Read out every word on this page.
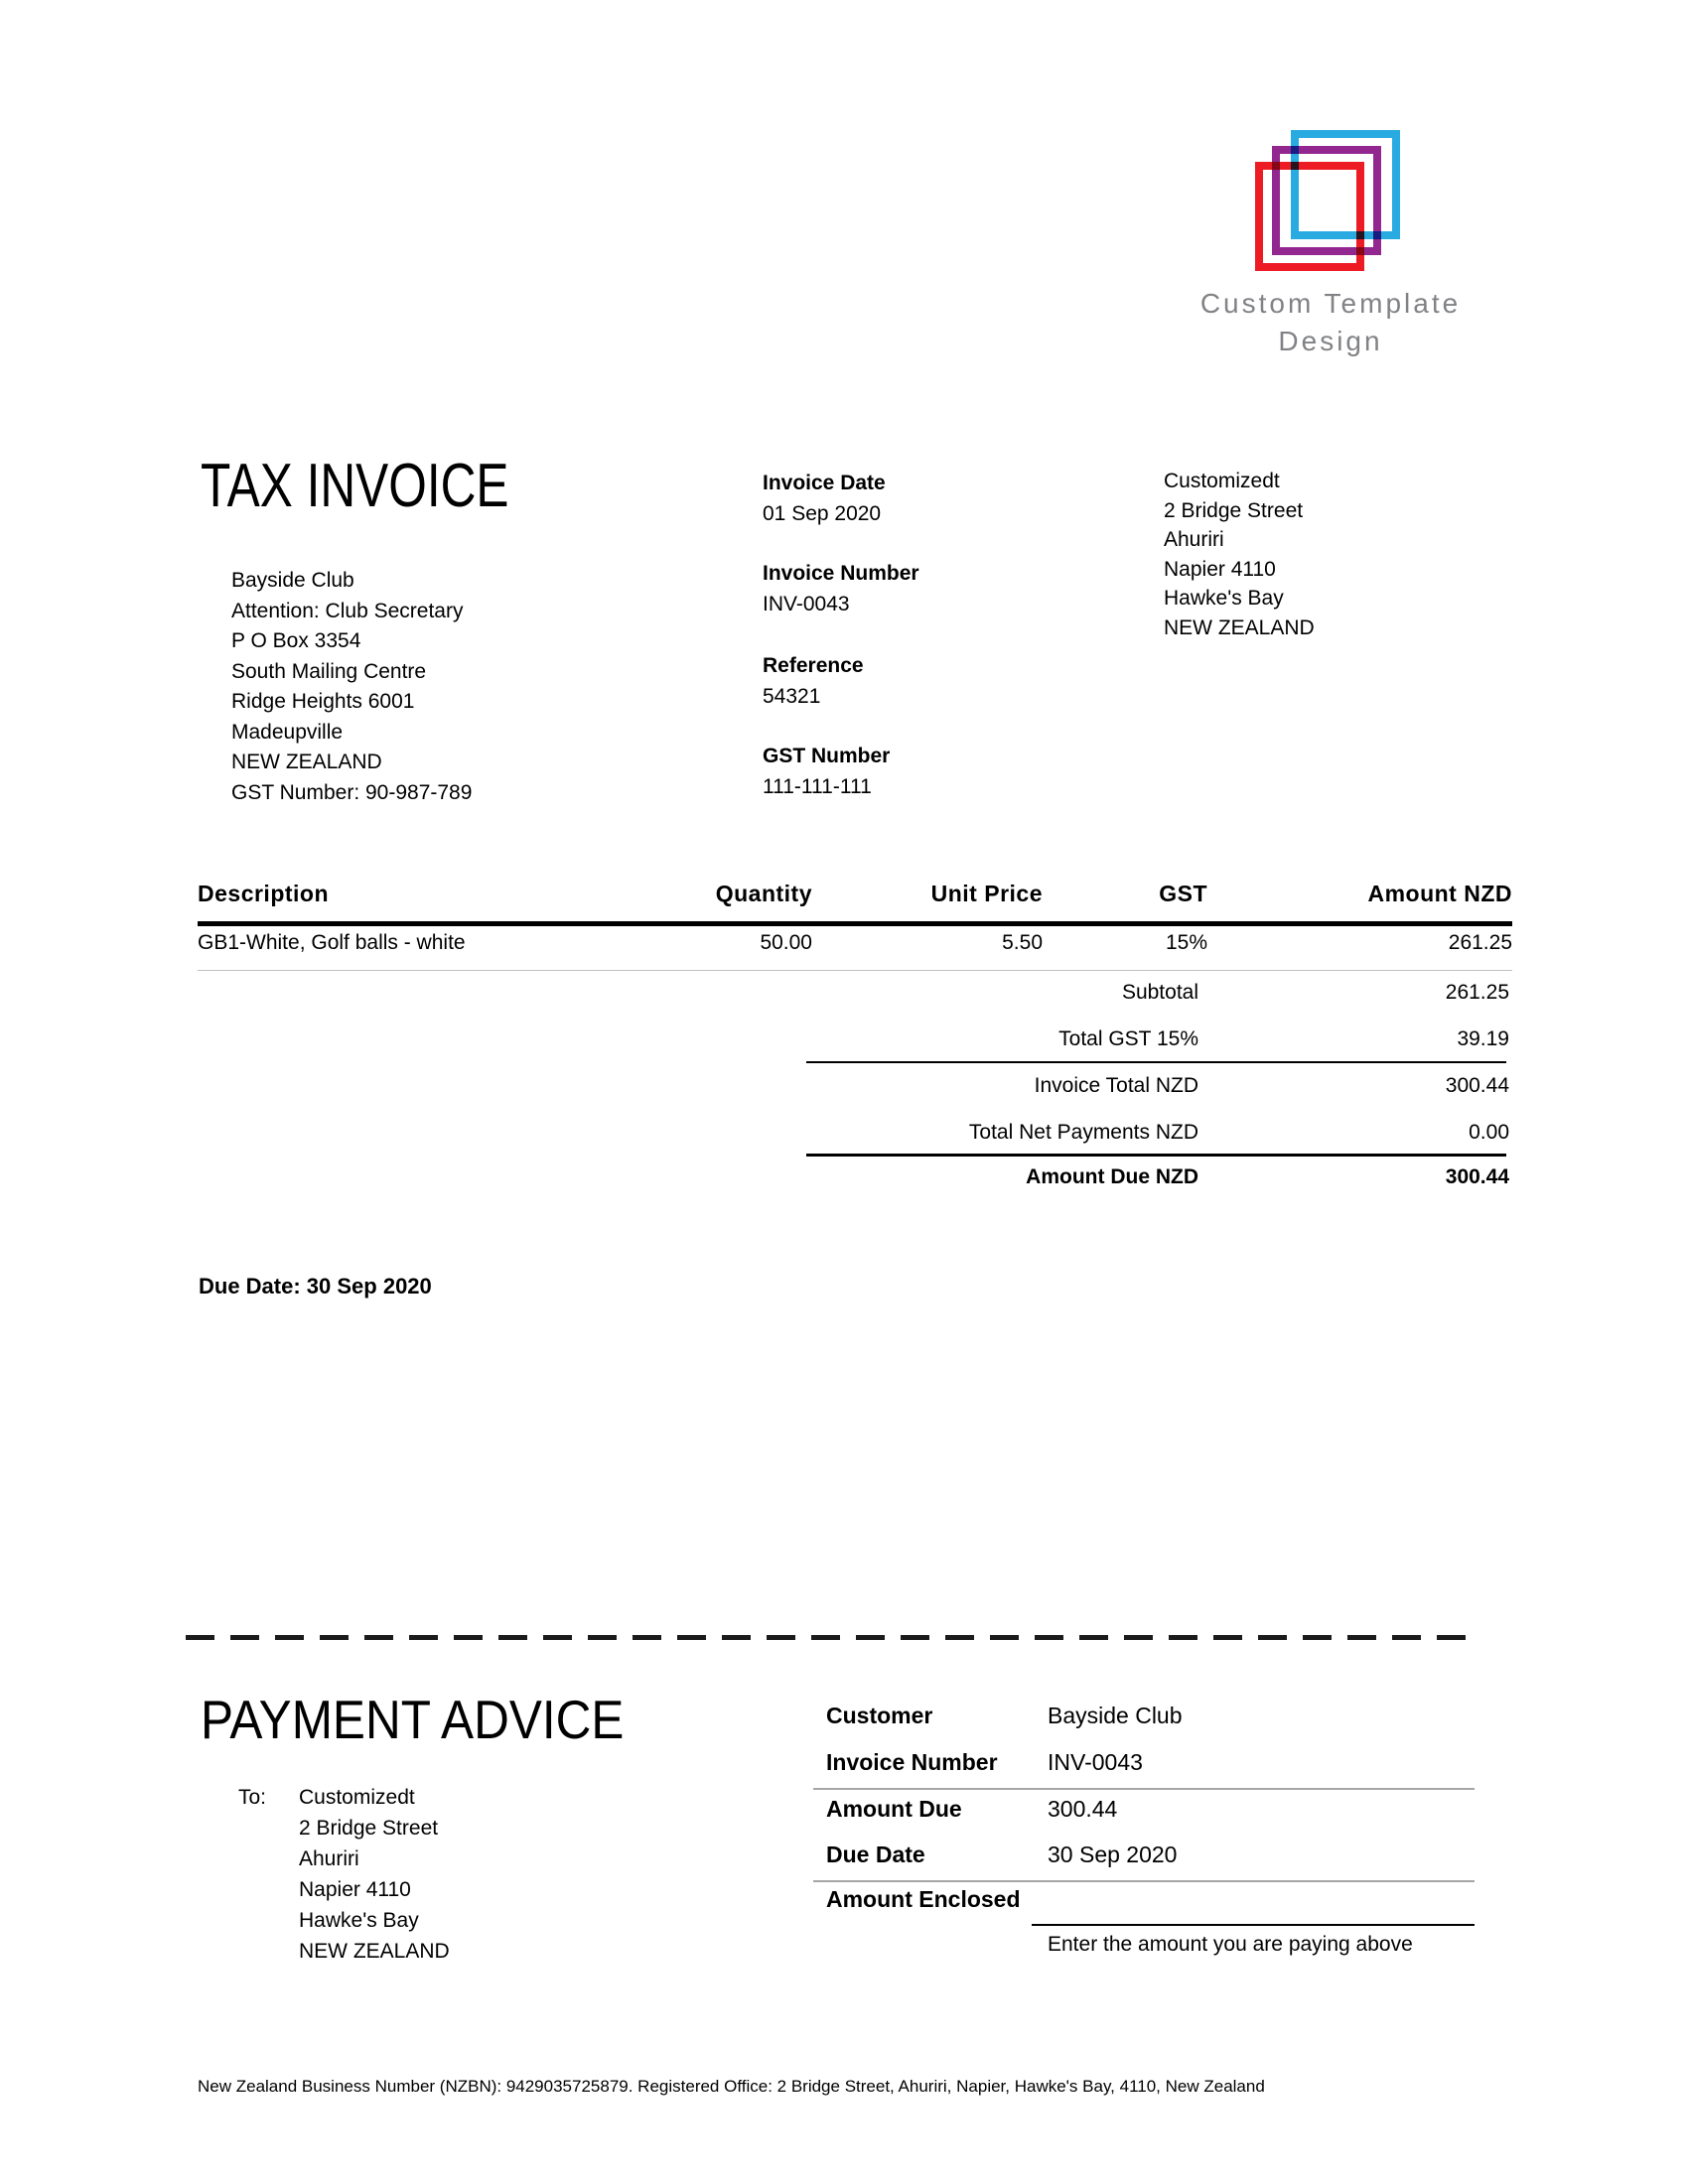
Custom Template
Design
TAX INVOICE
Bayside Club
Attention: Club Secretary
P O Box 3354
South Mailing Centre
Ridge Heights 6001
Madeupville
NEW ZEALAND
GST Number: 90-987-789
Invoice Date
01 Sep 2020
Invoice Number
INV-0043
Reference
54321
GST Number
111-111-111
Customizedt
2 Bridge Street
Ahuriri
Napier 4110
Hawke's Bay
NEW ZEALAND
Description	Quantity	Unit Price	GST	Amount NZD
GB1-White, Golf balls - white	50.00	5.50	15%	261.25
Subtotal	261.25
Total GST 15%	39.19
Invoice Total NZD	300.44
Total Net Payments NZD	0.00
Amount Due NZD	300.44
Due Date: 30 Sep 2020
PAYMENT ADVICE
To: Customizedt
2 Bridge Street
Ahuriri
Napier 4110
Hawke's Bay
NEW ZEALAND
Customer	Bayside Club
Invoice Number INV-0043
Amount Due	300.44
Due Date	30 Sep 2020
Amount Enclosed
Enter the amount you are paying above
New Zealand Business Number (NZBN): 9429035725879. Registered Office: 2 Bridge Street, Ahuriri, Napier, Hawke's Bay, 4110, New Zealand
